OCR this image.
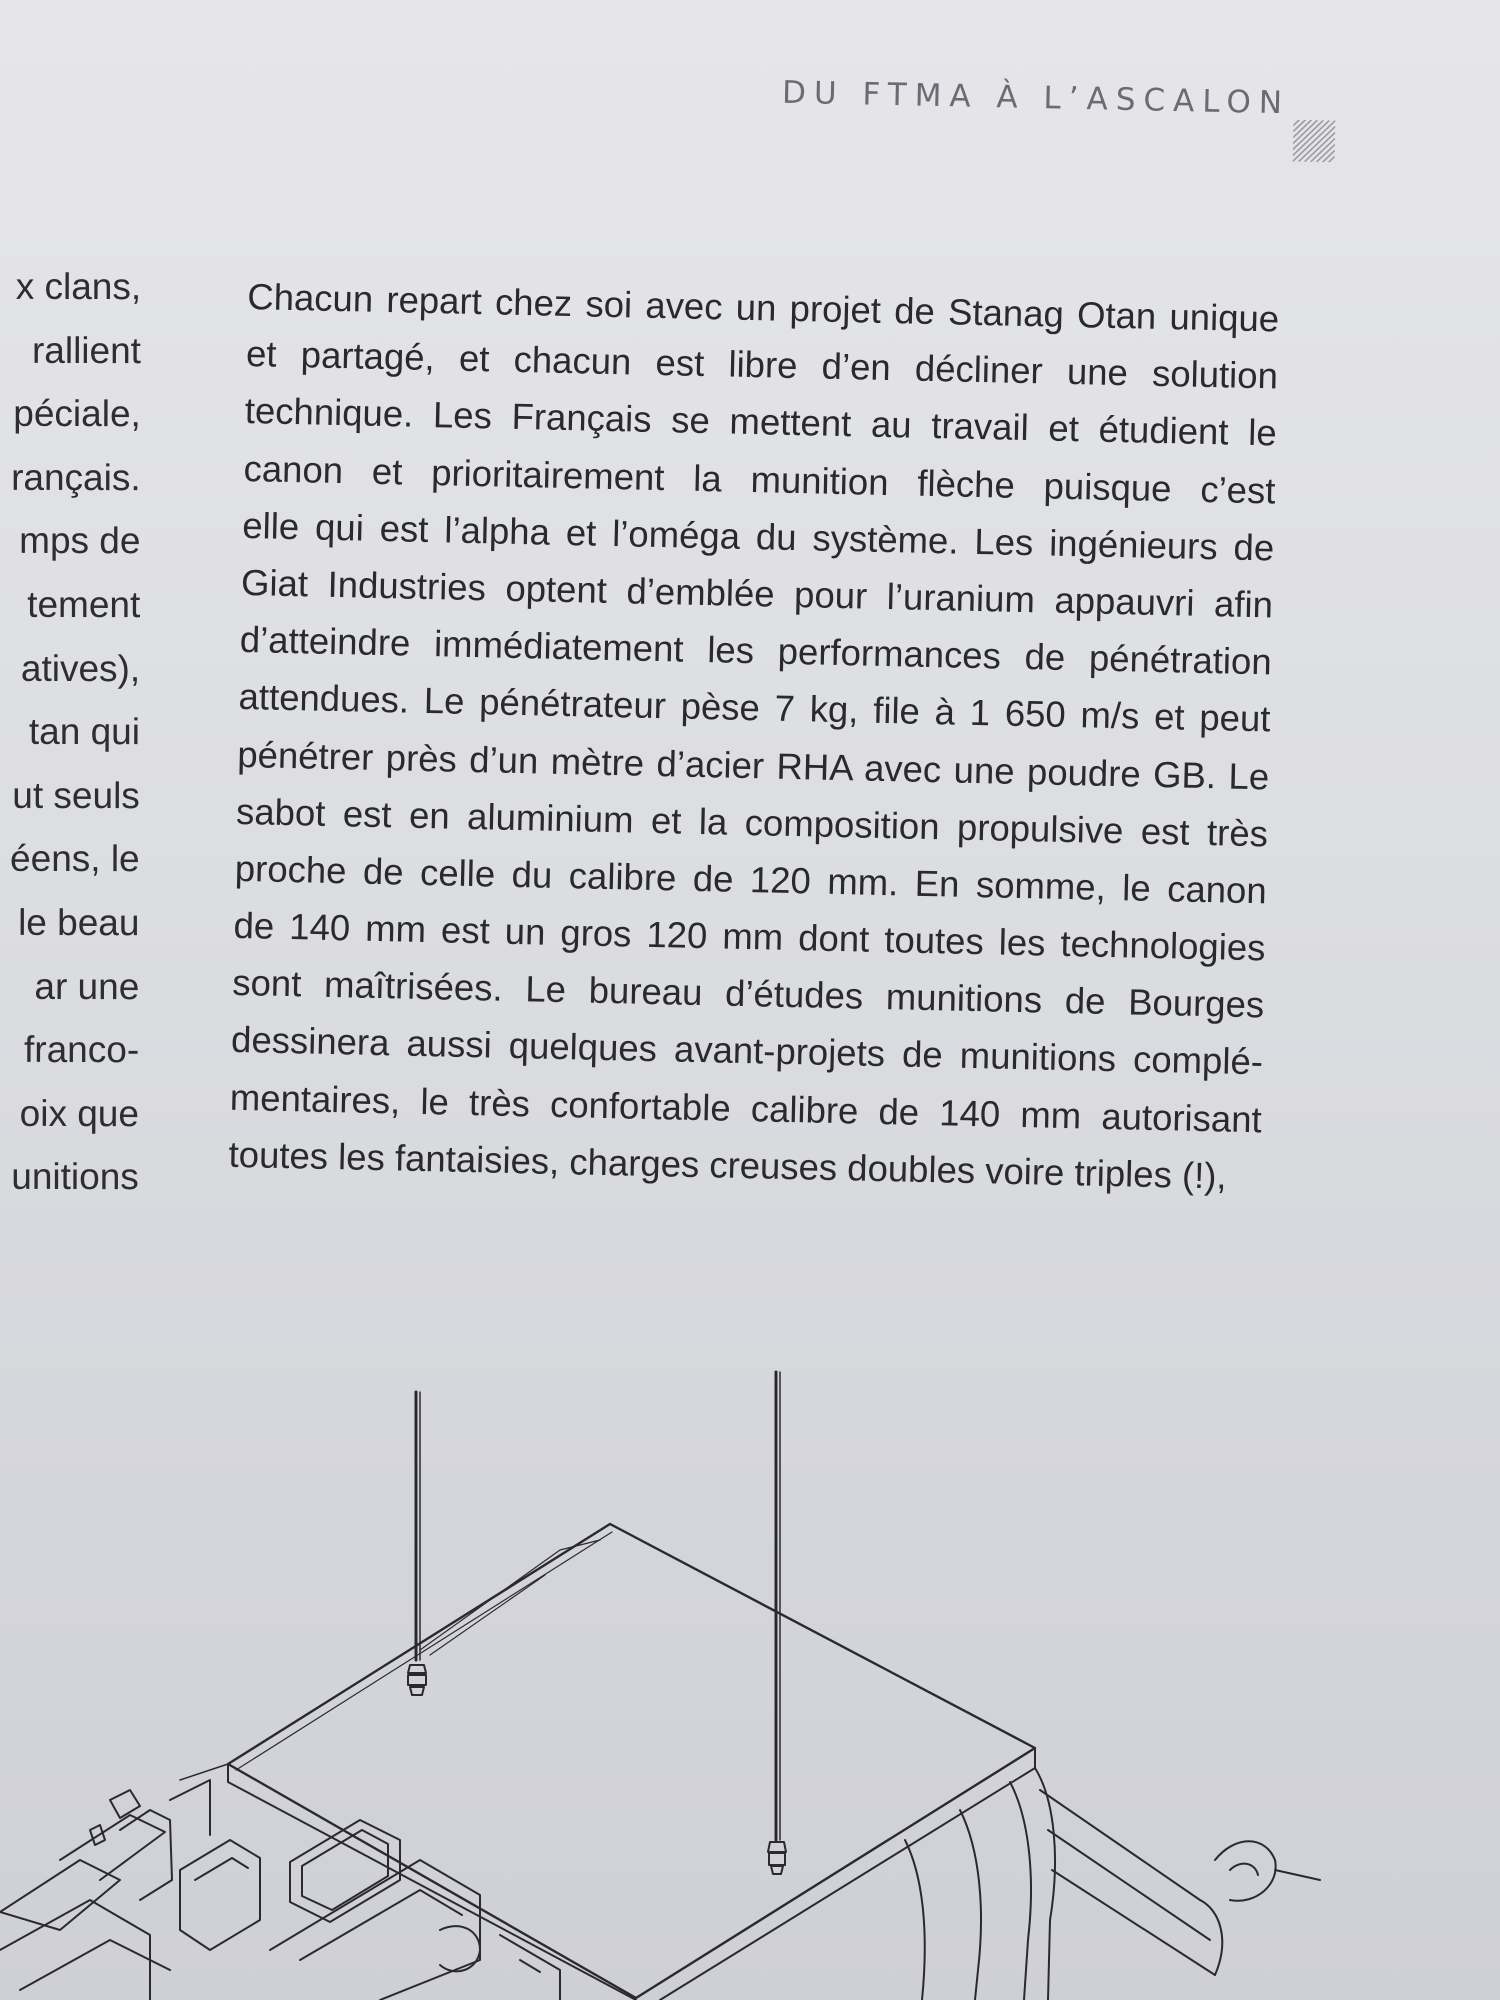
DU FTMA À L’ASCALON
x clans,
rallient
péciale,
rançais.
mps de
tement
atives),
tan qui
ut seuls
éens, le
le beau
ar une
franco-
oix que
unitions
Chacun repart chez soi avec un projet de Stanag Otan unique
et partagé, et chacun est libre d’en décliner une solution
technique. Les Français se mettent au travail et étudient le
canon et prioritairement la munition flèche puisque c’est
elle qui est l’alpha et l’oméga du système. Les ingénieurs de
Giat Industries optent d’emblée pour l’uranium appauvri afin
d’atteindre immédiatement les performances de pénétration
attendues. Le pénétrateur pèse 7 kg, file à 1 650 m/s et peut
pénétrer près d’un mètre d’acier RHA avec une poudre GB. Le
sabot est en aluminium et la composition propulsive est très
proche de celle du calibre de 120 mm. En somme, le canon
de 140 mm est un gros 120 mm dont toutes les technologies
sont maîtrisées. Le bureau d’études munitions de Bourges
dessinera aussi quelques avant-projets de munitions complé-
mentaires, le très confortable calibre de 140 mm autorisant
toutes les fantaisies, charges creuses doubles voire triples (!),
